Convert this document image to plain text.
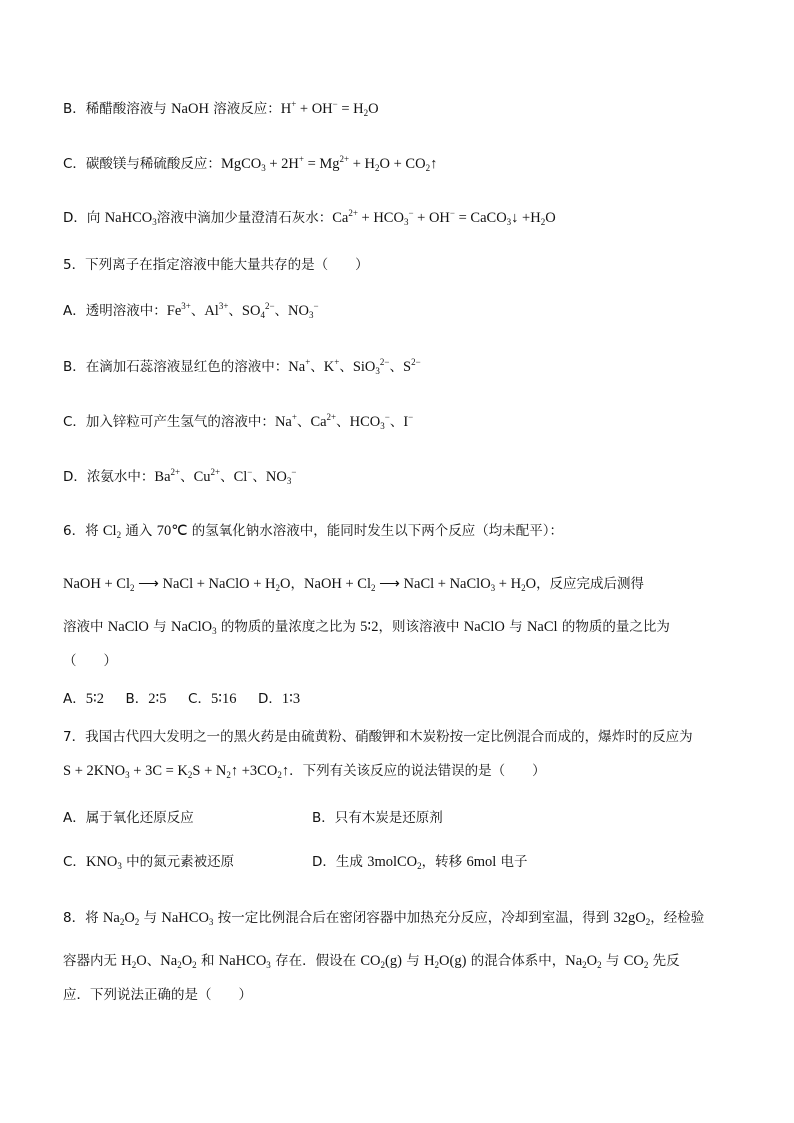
B．稀醋酸溶液与 NaOH 溶液反应：$H^+ + OH^- = H_2O$
C．碳酸镁与稀硫酸反应：MgCO$_3$ + $2H^+ = Mg^{2+} + H_2O$ + $CO_2↑$
D．向 NaHCO$_3$溶液中滴加少量澄清石灰水：$Ca^{2+} + HCO_3^- + OH^-$ = CaCO$_3$↓ $+H_2O$
5．下列离子在指定溶液中能大量共存的是（　　）
A．透明溶液中：$Fe^{3+}$、$Al^{3+}$、$SO_4^{2-}$、$NO_3^-$
B．在滴加石蕊溶液显红色的溶液中：Na+、K+、SiO$_3^{2-}$、$S^{2-}$
C．加入锌粒可产生氢气的溶液中：Na+、$Ca^{2+}$、$HCO_3^-$、I−
D．浓氨水中：$Ba^{2+}$、$Cu^{2+}$、Cl−、$NO_3^-$
6．将 $Cl_2$ 通入 70℃ 的氢氧化钠水溶液中，能同时发生以下两个反应（均未配平）：
NaOH + $Cl_2$ ⟶ NaCl + NaClO + $H_2O$，NaOH + $Cl_2$ ⟶ NaCl + NaClO$_3$ + $H_2O$，反应完成后测得
溶液中 NaClO 与 NaClO$_3$ 的物质的量浓度之比为 5∶2，则该溶液中 NaClO 与 NaCl 的物质的量之比为
（　　）
A．5∶2 B．2∶5 C．5∶16 D．1∶3
7．我国古代四大发明之一的黑火药是由硫黄粉、硝酸钾和木炭粉按一定比例混合而成的，爆炸时的反应为
$S + 2KNO_3 + 3C = K_2S$ + $N_2↑$ $+3CO_2↑$．下列有关该反应的说法错误的是（　　）
A．属于氧化还原反应	B．只有木炭是还原剂
C．$KNO_3$ 中的氮元素被还原	D．生成 3molCO$_2$，转移 6mol 电子
8．将 $Na_2O_2$ 与 NaHCO$_3$ 按一定比例混合后在密闭容器中加热充分反应，冷却到室温，得到 $32gO_2$，经检验
容器内无 $H_2O$、$Na_2O_2$ 和 NaHCO$_3$ 存在．假设在 $CO_2(g)$ 与 $H_2O(g)$ 的混合体系中，$Na_2O_2$ 与 $CO_2$ 先反
应．下列说法正确的是（　　）
